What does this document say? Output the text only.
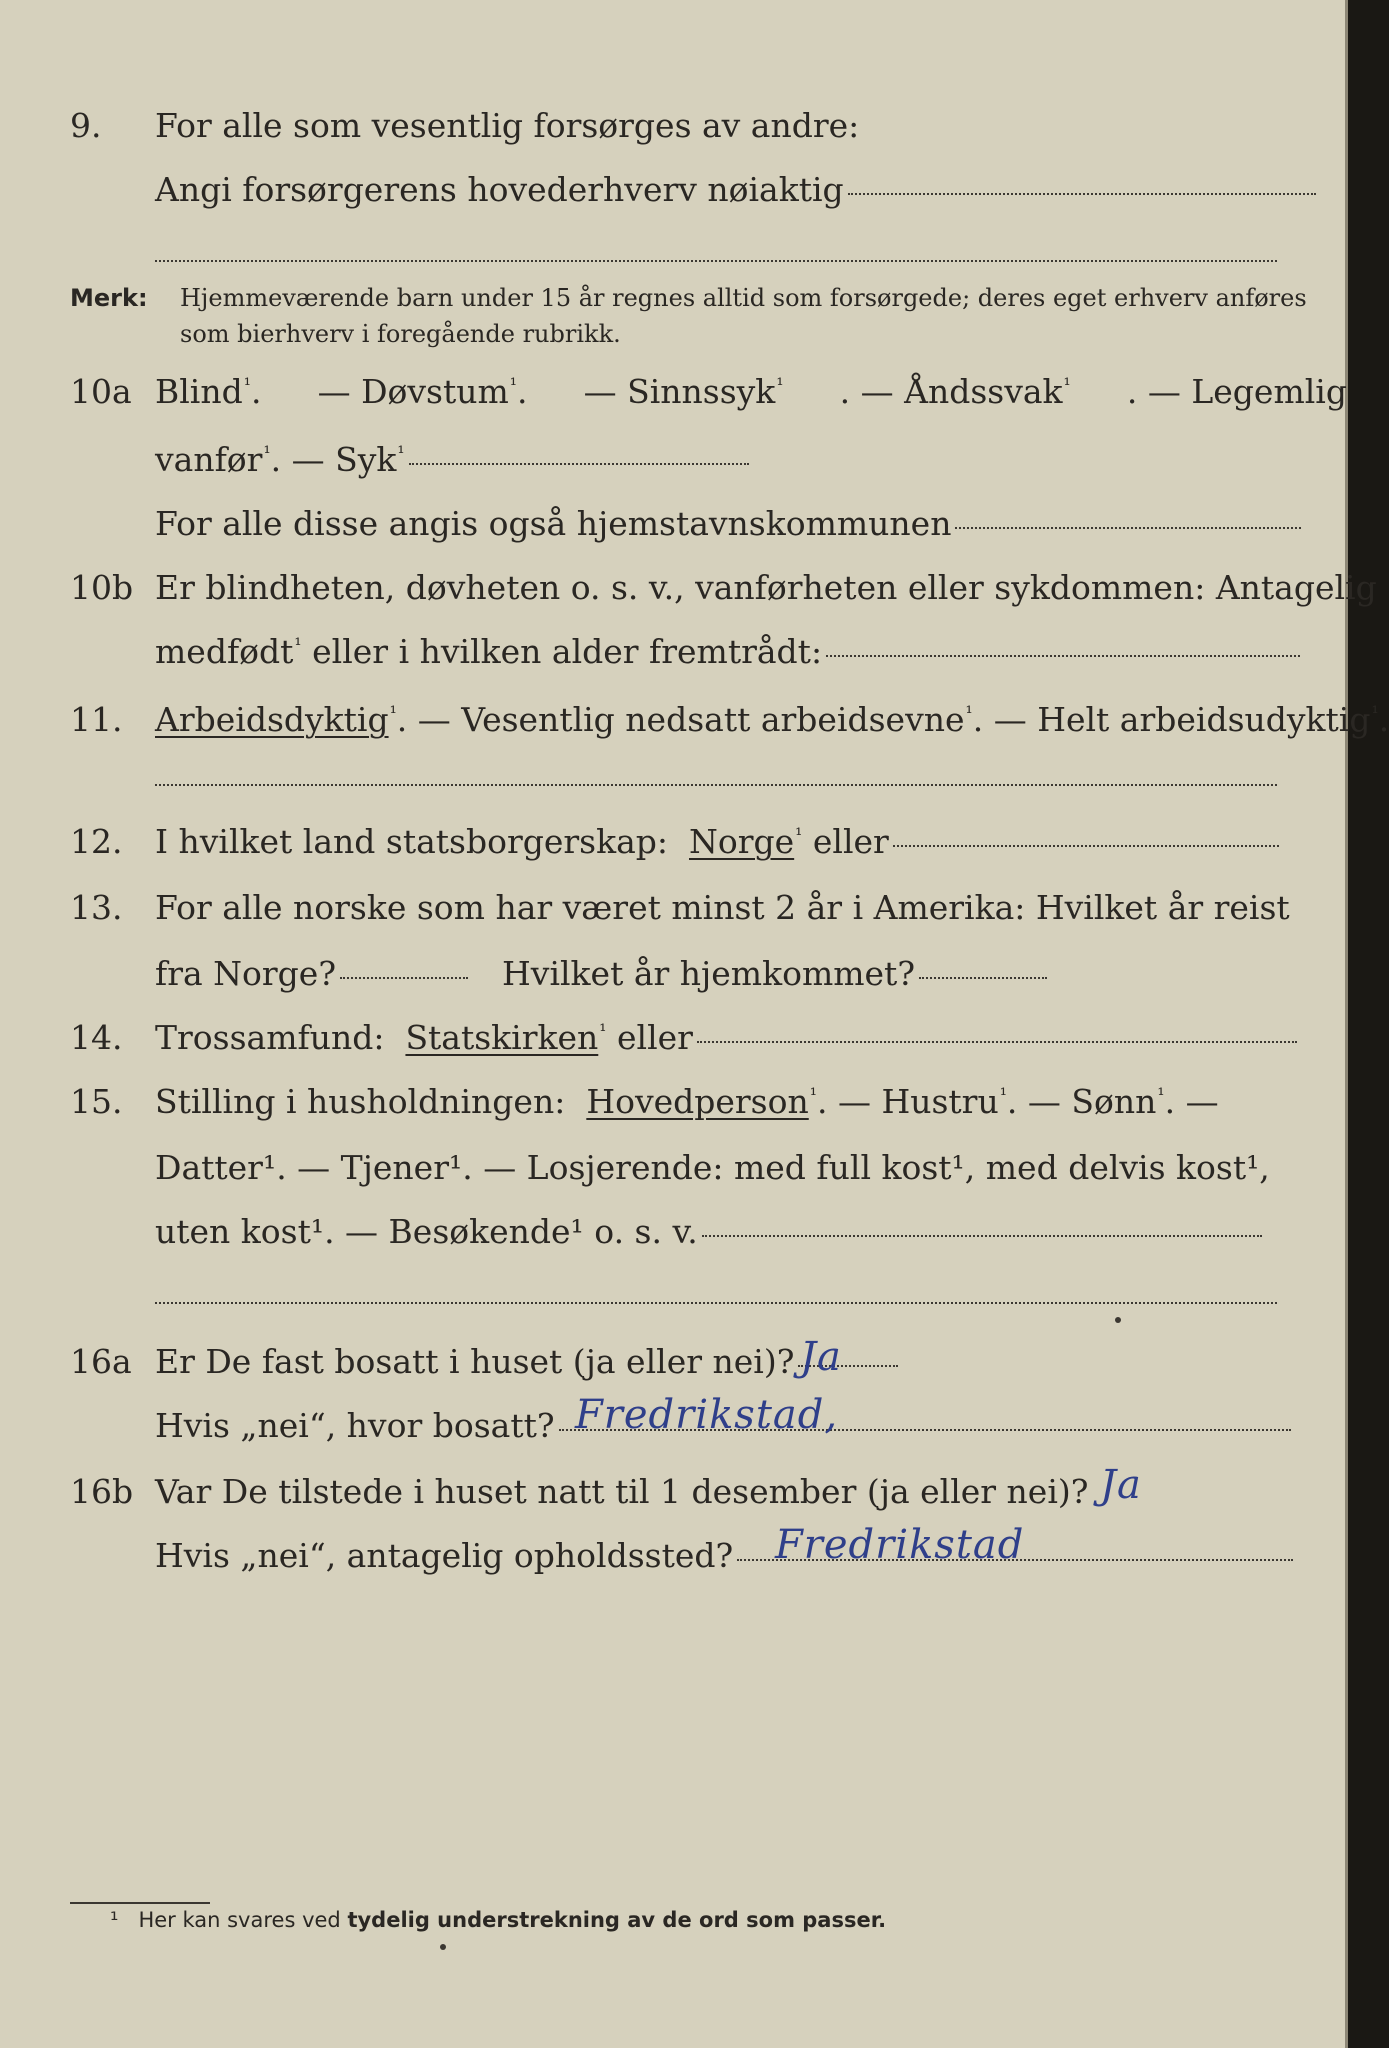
9.	For alle som vesentlig forsørges av andre:
Angi forsørgerens hovederhverv nøiaktig
Merk: Hjemmeværende barn under 15 år regnes alltid som forsørgede; deres eget erhverv anføres som bierhverv i foregående rubrikk.
10a Blind$^{^1}$. — Døvstum$^{^1}$. — Sinnssyk$^{^1}$ . — Åndssvak$^{^1}$ . — Legemlig
vanfør ¹ . — Syk ¹
For alle disse angis også hjemstavnskommunen
10b Er blindheten, døvheten o. s. v., vanførheten eller sykdommen: Antagelig
medfødt ¹
eller i hvilken alder fremtrådt:
11. Arbeidsdyktig ¹ . — Vesentlig nedsatt arbeidsevne ¹ . — Helt arbeidsudyktig ¹ .
12. I hvilket land statsborgerskap:
Norge ¹
eller
13. For alle norske som har været minst 2 år i Amerika: Hvilket år reist
fra Norge?	Hvilket år hjemkommet?
14. Trossamfund:
Statskirken ¹
eller
15. Stilling i husholdningen:
Hovedperson ¹ . — Hustru ¹ . — Sønn ¹ . —
Datter¹. — Tjener¹. — Losjerende: med full kost¹, med delvis kost¹,
uten kost¹. — Besøkende¹ o. s. v.
16a Er De fast bosatt i huset (ja eller nei)? Ja
Hvis „nei“, hvor bosatt? Fredrikstad,
16b Var De tilstede i huset natt til 1 desember (ja eller nei)? Ja
Hvis „nei“, antagelig opholdssted? Fredrikstad
¹ Her kan svares ved tydelig understrekning av de ord som passer.
